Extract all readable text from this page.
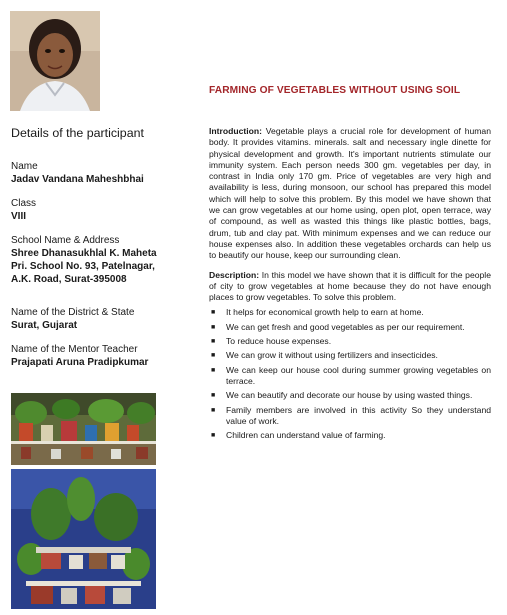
FARMING OF VEGETABLES WITHOUT USING SOIL
Details of the participant

Name

Jadav Vandana Maheshbhai

Class

VIII

School Name & Address

Shree Dhanasukhlal K. Maheta

Pri. School No. 93, Patelnagar,

A.K. Road, Surat-395008

Name of the District & State

Surat, Gujarat

Name of the Mentor Teacher

Prajapati Aruna Pradipkumar

Introduction: Vegetable plays a crucial role for development of human body. It provides vitamins. minerals. salt and necessary ingle dinette for physical development and growth. It's important nutrients stimulate our immunity system. Each person needs 300 gm. vegetables per day, in contrast in India only 170 gm. Price of vegetables are very high and availability is less, during monsoon, our school has prepared this model which will help to solve this problem. By this model we have shown that we can grow vegetables at our home using, open plot, open terrace, way of compound, as well as wasted this things like plastic bottles, bags, drum, tub and clay pat. With minimum expenses and we can reduce our house expenses also. In addition these vegetables orchards can help us to beautify our house, keep our surrounding clean.

Description: In this model we have shown that it is difficult for the people of city to grow vegetables at home because they do not have enough places to grow vegetables. To solve this problem.

■ It helps for economical growth help to earn at home.
■ We can get fresh and good vegetables as per our requirement.
■ To reduce house expenses.
■ We can grow it without using fertilizers and insecticides.
■ We can keep our house cool during summer growing vegetables on terrace.
■ We can beautify and decorate our house by using wasted things.
■ Family members are involved in this activity So they understand value of work.
■ Children can understand value of farming.
